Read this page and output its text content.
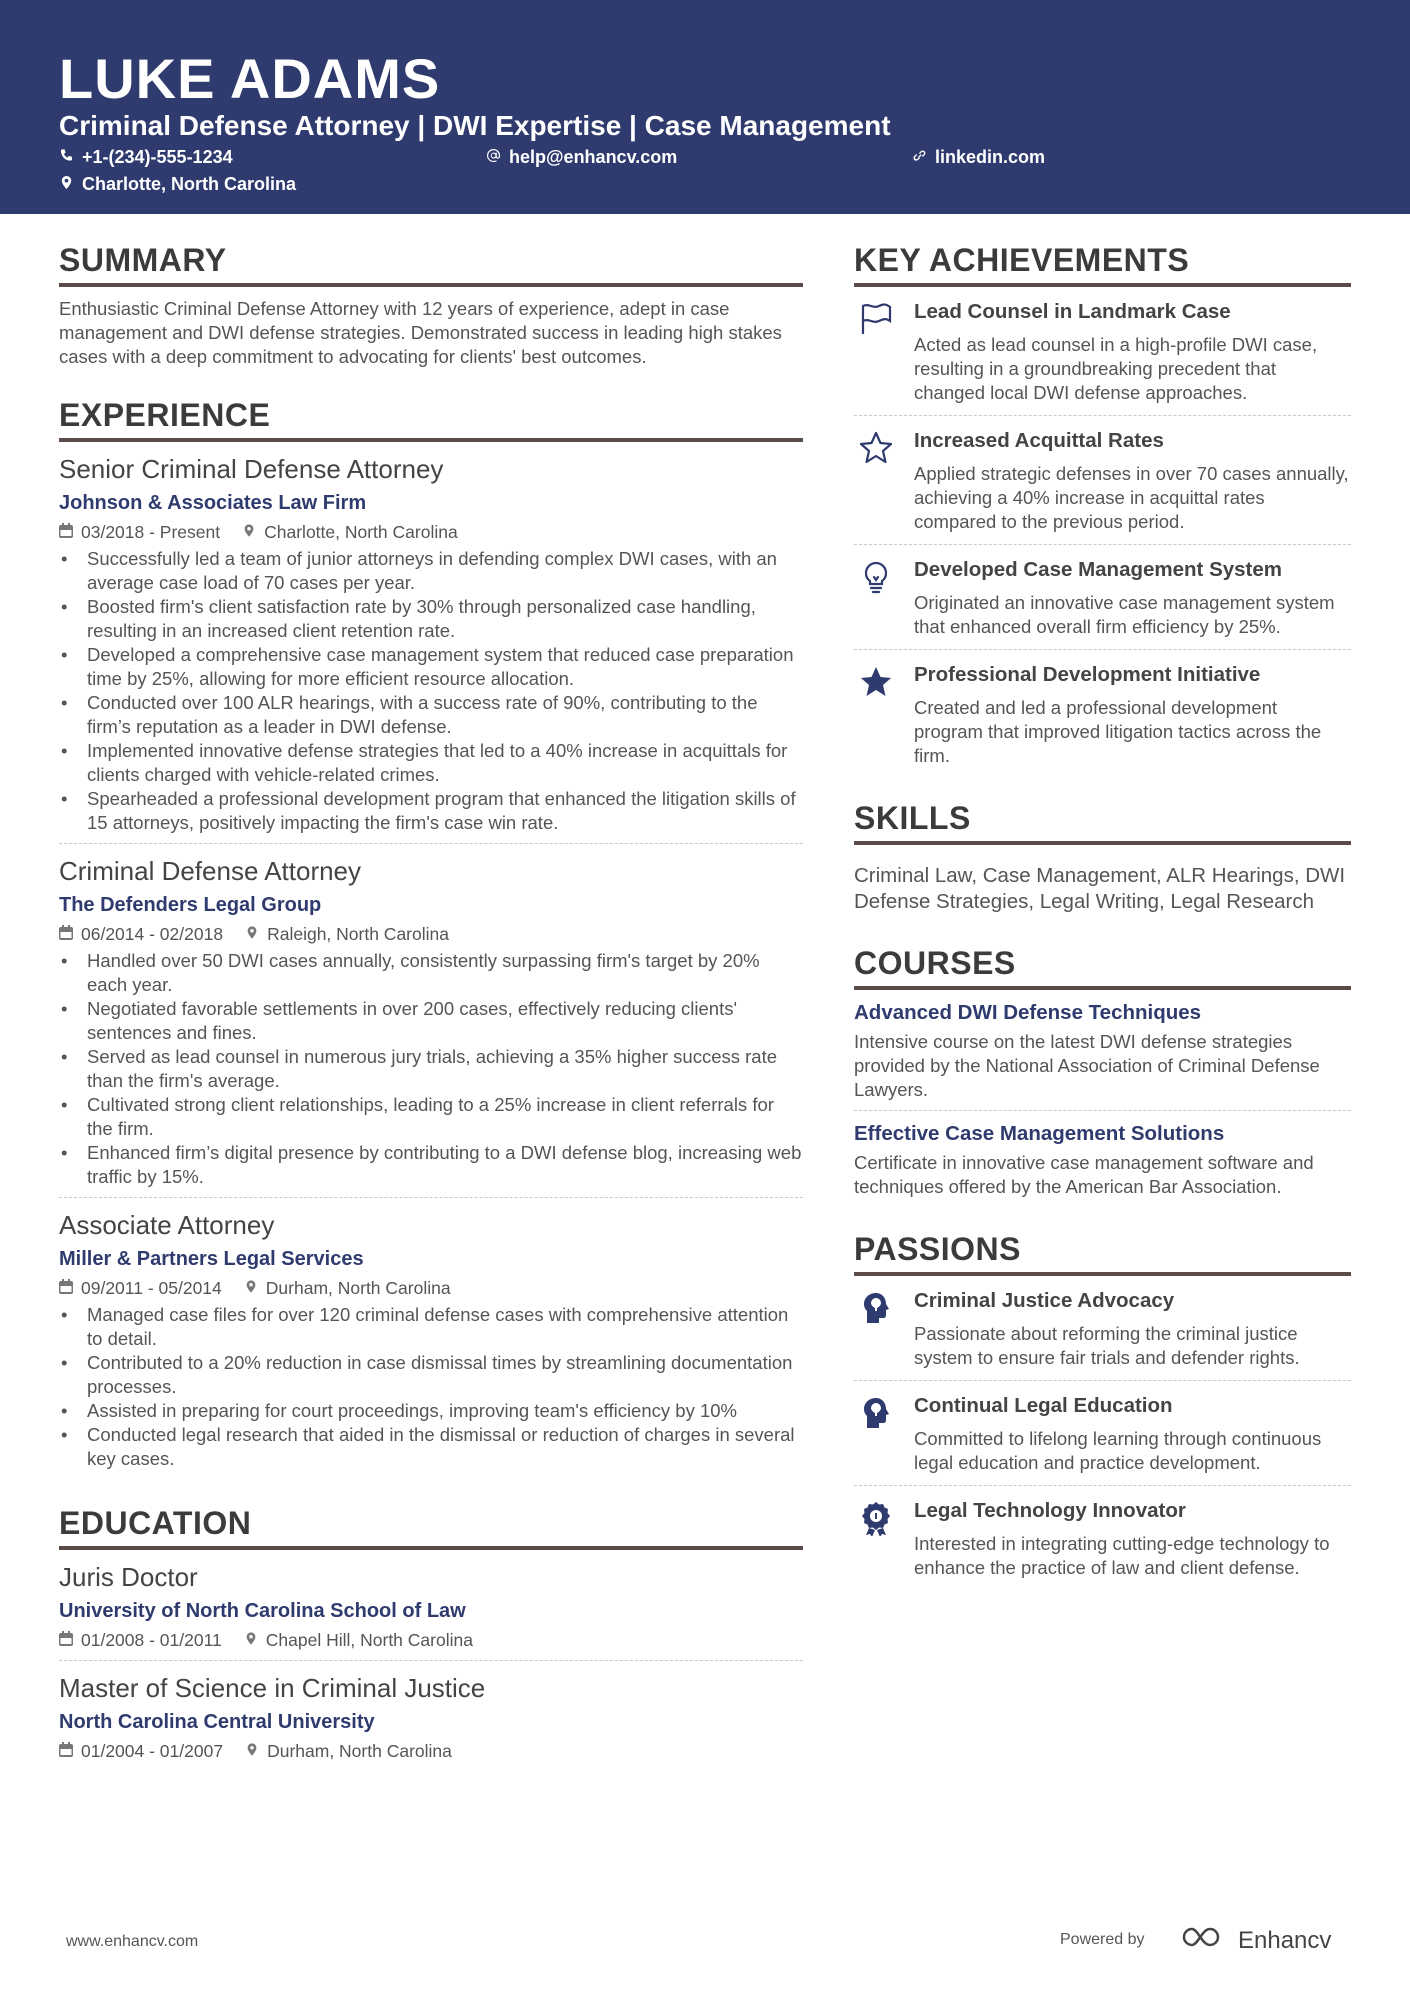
LUKE ADAMS
Criminal Defense Attorney | DWI Expertise | Case Management
+1-(234)-555-1234	help@enhancv.com	linkedin.com
Charlotte, North Carolina
SUMMARY
Enthusiastic Criminal Defense Attorney with 12 years of experience, adept in case management and DWI defense strategies. Demonstrated success in leading high stakes cases with a deep commitment to advocating for clients' best outcomes.
EXPERIENCE
Senior Criminal Defense Attorney
Johnson & Associates Law Firm
03/2018 - Present	Charlotte, North Carolina
• Successfully led a team of junior attorneys in defending complex DWI cases, with an average case load of 70 cases per year.
• Boosted firm's client satisfaction rate by 30% through personalized case handling, resulting in an increased client retention rate.
• Developed a comprehensive case management system that reduced case preparation time by 25%, allowing for more efficient resource allocation.
• Conducted over 100 ALR hearings, with a success rate of 90%, contributing to the firm’s reputation as a leader in DWI defense.
• Implemented innovative defense strategies that led to a 40% increase in acquittals for clients charged with vehicle-related crimes.
• Spearheaded a professional development program that enhanced the litigation skills of 15 attorneys, positively impacting the firm's case win rate.
Criminal Defense Attorney
The Defenders Legal Group
06/2014 - 02/2018	Raleigh, North Carolina
• Handled over 50 DWI cases annually, consistently surpassing firm's target by 20% each year.
• Negotiated favorable settlements in over 200 cases, effectively reducing clients' sentences and fines.
• Served as lead counsel in numerous jury trials, achieving a 35% higher success rate than the firm's average.
• Cultivated strong client relationships, leading to a 25% increase in client referrals for the firm.
• Enhanced firm’s digital presence by contributing to a DWI defense blog, increasing web traffic by 15%.
Associate Attorney
Miller & Partners Legal Services
09/2011 - 05/2014	Durham, North Carolina
• Managed case files for over 120 criminal defense cases with comprehensive attention to detail.
• Contributed to a 20% reduction in case dismissal times by streamlining documentation processes.
• Assisted in preparing for court proceedings, improving team's efficiency by 10%
• Conducted legal research that aided in the dismissal or reduction of charges in several key cases.
EDUCATION
Juris Doctor
University of North Carolina School of Law
01/2008 - 01/2011	Chapel Hill, North Carolina
Master of Science in Criminal Justice
North Carolina Central University
01/2004 - 01/2007	Durham, North Carolina
KEY ACHIEVEMENTS
Lead Counsel in Landmark Case
Acted as lead counsel in a high-profile DWI case, resulting in a groundbreaking precedent that changed local DWI defense approaches.
Increased Acquittal Rates
Applied strategic defenses in over 70 cases annually, achieving a 40% increase in acquittal rates compared to the previous period.
Developed Case Management System
Originated an innovative case management system that enhanced overall firm efficiency by 25%.
Professional Development Initiative
Created and led a professional development program that improved litigation tactics across the firm.
SKILLS
Criminal Law, Case Management, ALR Hearings, DWI Defense Strategies, Legal Writing, Legal Research
COURSES
Advanced DWI Defense Techniques
Intensive course on the latest DWI defense strategies provided by the National Association of Criminal Defense Lawyers.
Effective Case Management Solutions
Certificate in innovative case management software and techniques offered by the American Bar Association.
PASSIONS
Criminal Justice Advocacy
Passionate about reforming the criminal justice system to ensure fair trials and defender rights.
Continual Legal Education
Committed to lifelong learning through continuous legal education and practice development.
Legal Technology Innovator
Interested in integrating cutting-edge technology to enhance the practice of law and client defense.
www.enhancv.com	Powered by	Enhancv
